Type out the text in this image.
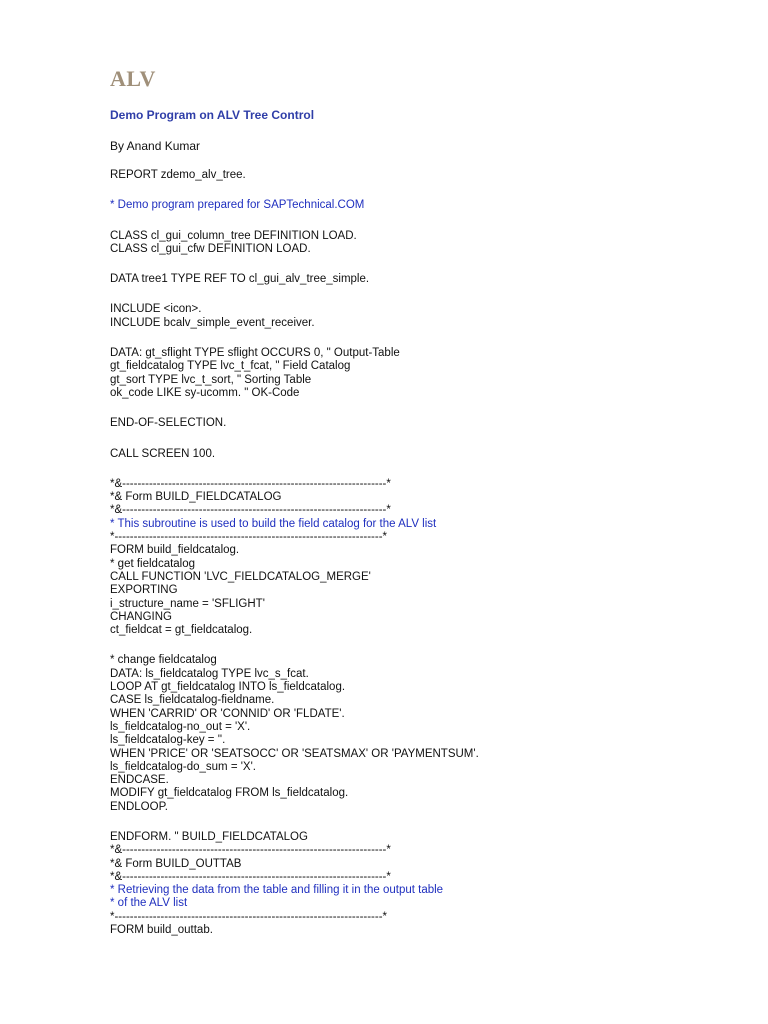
ALV
Demo Program on ALV Tree Control

By Anand Kumar

REPORT zdemo_alv_tree.
* Demo program prepared for SAPTechnical.COM
CLASS cl_gui_column_tree DEFINITION LOAD.
CLASS cl_gui_cfw DEFINITION LOAD.
DATA tree1 TYPE REF TO cl_gui_alv_tree_simple.
INCLUDE <icon>.
INCLUDE bcalv_simple_event_receiver.
DATA: gt_sflight TYPE sflight OCCURS 0, " Output-Table
gt_fieldcatalog TYPE lvc_t_fcat, " Field Catalog
gt_sort TYPE lvc_t_sort, " Sorting Table
ok_code LIKE sy-ucomm. " OK-Code
END-OF-SELECTION.
CALL SCREEN 100.
*&---------------------------------------------------------------------*
*& Form BUILD_FIELDCATALOG
*&---------------------------------------------------------------------*
* This subroutine is used to build the field catalog for the ALV list
*----------------------------------------------------------------------*
FORM build_fieldcatalog.
* get fieldcatalog
CALL FUNCTION 'LVC_FIELDCATALOG_MERGE'
EXPORTING
i_structure_name = 'SFLIGHT'
CHANGING
ct_fieldcat = gt_fieldcatalog.
* change fieldcatalog
DATA: ls_fieldcatalog TYPE lvc_s_fcat.
LOOP AT gt_fieldcatalog INTO ls_fieldcatalog.
CASE ls_fieldcatalog-fieldname.
WHEN 'CARRID' OR 'CONNID' OR 'FLDATE'.
ls_fieldcatalog-no_out = 'X'.
ls_fieldcatalog-key = ''.
WHEN 'PRICE' OR 'SEATSOCC' OR 'SEATSMAX' OR 'PAYMENTSUM'.
ls_fieldcatalog-do_sum = 'X'.
ENDCASE.
MODIFY gt_fieldcatalog FROM ls_fieldcatalog.
ENDLOOP.
ENDFORM. " BUILD_FIELDCATALOG
*&---------------------------------------------------------------------*
*& Form BUILD_OUTTAB
*&---------------------------------------------------------------------*
* Retrieving the data from the table and filling it in the output table
* of the ALV list
*----------------------------------------------------------------------*
FORM build_outtab.
